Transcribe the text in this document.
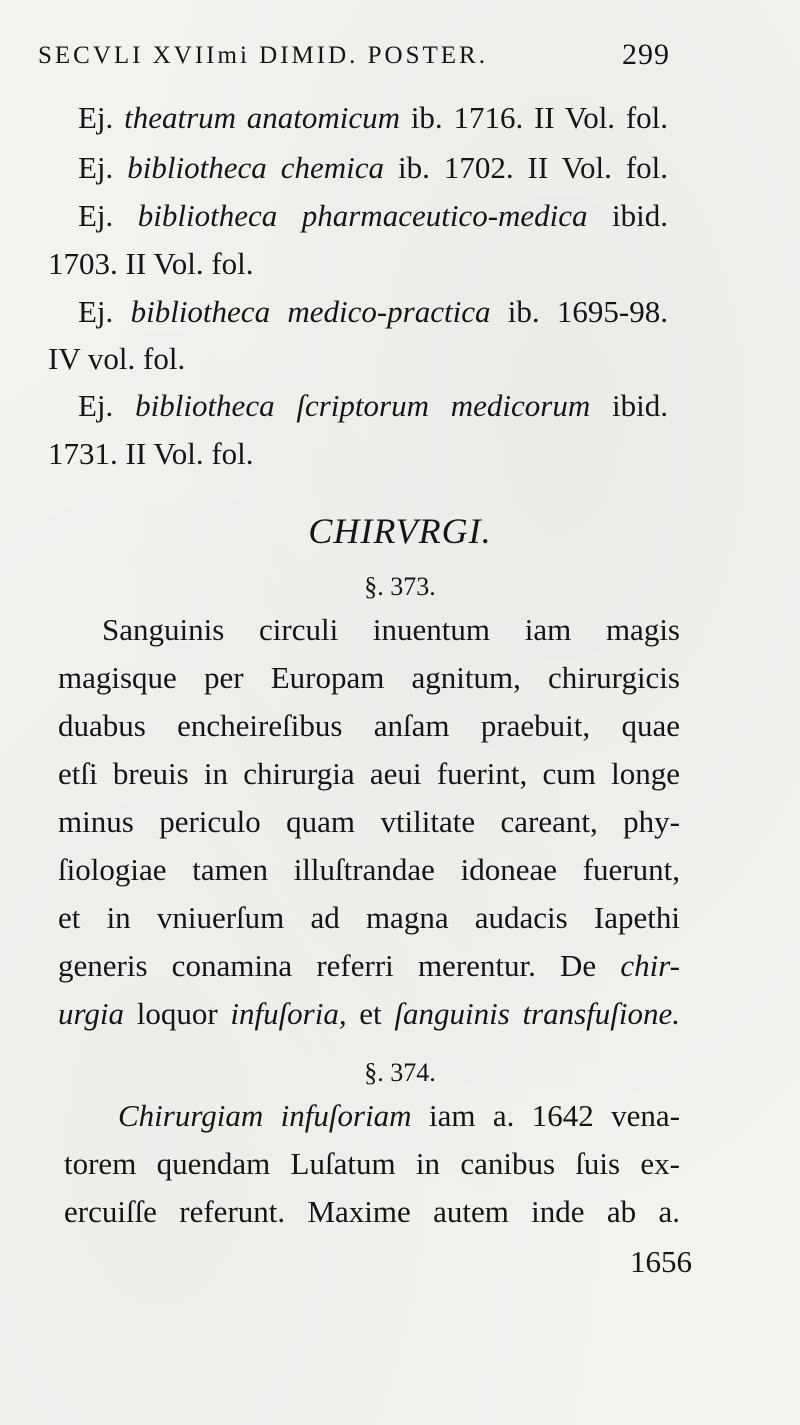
SECVLI XVIImi DIMID. POSTER.	299
Ej. theatrum anatomicum ib. 1716. II Vol. fol.
Ej. bibliotheca chemica ib. 1702. II Vol. fol.
Ej. bibliotheca pharmaceutico-medica ibid.
1703. II Vol. fol.
Ej. bibliotheca medico-practica ib. 1695-98.
IV vol. fol.
Ej. bibliotheca ſcriptorum medicorum ibid.
1731. II Vol. fol.
CHIRVRGI.
§. 373.
Sanguinis circuli inuentum iam magis
magisque per Europam agnitum, chirurgicis
duabus encheireſibus anſam praebuit, quae
etſi breuis in chirurgia aeui fuerint, cum longe
minus periculo quam vtilitate careant, phy-
ſiologiae tamen illuſtrandae idoneae fuerunt,
et in vniuerſum ad magna audacis Iapethi
generis conamina referri merentur. De chir-
urgia loquor infuſoria, et ſanguinis transfuſione.
§. 374.
Chirurgiam infuſoriam iam a. 1642 vena-
torem quendam Luſatum in canibus ſuis ex-
ercuiſſe referunt. Maxime autem inde ab a.
1656
